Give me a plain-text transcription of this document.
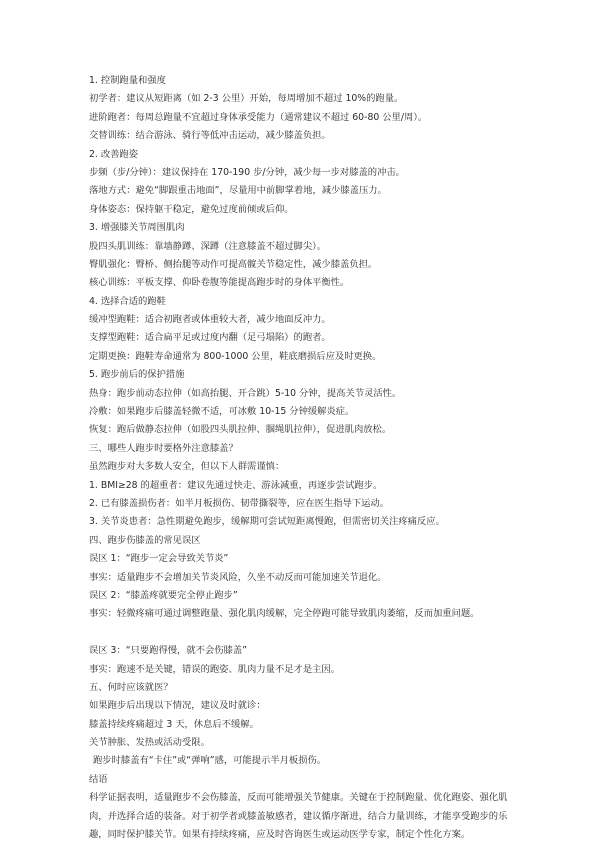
1. 控制跑量和强度
初学者：建议从短距离（如 2-3 公里）开始，每周增加不超过 10%的跑量。
进阶跑者：每周总跑量不宜超过身体承受能力（通常建议不超过 60-80 公里/周）。
交替训练：结合游泳、骑行等低冲击运动，减少膝盖负担。
2. 改善跑姿
步频（步/分钟）：建议保持在 170-190 步/分钟，减少每一步对膝盖的冲击。
落地方式：避免“脚跟重击地面”，尽量用中前脚掌着地，减少膝盖压力。
身体姿态：保持躯干稳定，避免过度前倾或后仰。
3. 增强膝关节周围肌肉
股四头肌训练：靠墙静蹲、深蹲（注意膝盖不超过脚尖）。
臀肌强化：臀桥、侧抬腿等动作可提高髋关节稳定性，减少膝盖负担。
核心训练：平板支撑、仰卧卷腹等能提高跑步时的身体平衡性。
4. 选择合适的跑鞋
缓冲型跑鞋：适合初跑者或体重较大者，减少地面反冲力。
支撑型跑鞋：适合扁平足或过度内翻（足弓塌陷）的跑者。
定期更换：跑鞋寿命通常为 800-1000 公里，鞋底磨损后应及时更换。
5. 跑步前后的保护措施
热身：跑步前动态拉伸（如高抬腿、开合跳）5-10 分钟，提高关节灵活性。
冷敷：如果跑步后膝盖轻微不适，可冰敷 10-15 分钟缓解炎症。
恢复：跑后做静态拉伸（如股四头肌拉伸、腘绳肌拉伸），促进肌肉放松。
三、哪些人跑步时要格外注意膝盖？
虽然跑步对大多数人安全，但以下人群需谨慎：
1. BMI≥28 的超重者：建议先通过快走、游泳减重，再逐步尝试跑步。
2. 已有膝盖损伤者：如半月板损伤、韧带撕裂等，应在医生指导下运动。
3. 关节炎患者：急性期避免跑步，缓解期可尝试短距离慢跑，但需密切关注疼痛反应。
四、跑步伤膝盖的常见误区
误区 1：“跑步一定会导致关节炎”
事实：适量跑步不会增加关节炎风险，久坐不动反而可能加速关节退化。
误区 2：“膝盖疼就要完全停止跑步”
事实：轻微疼痛可通过调整跑量、强化肌肉缓解，完全停跑可能导致肌肉萎缩，反而加重问题。
误区 3：“只要跑得慢，就不会伤膝盖”
事实：跑速不是关键，错误的跑姿、肌肉力量不足才是主因。
五、何时应该就医？
如果跑步后出现以下情况，建议及时就诊：
膝盖持续疼痛超过 3 天，休息后不缓解。
关节肿胀、发热或活动受限。
跑步时膝盖有“卡住”或“弹响”感，可能提示半月板损伤。
结语
科学证据表明，适量跑步不会伤膝盖，反而可能增强关节健康。关键在于控制跑量、优化跑姿、强化肌肉，并选择合适的装备。对于初学者或膝盖敏感者，建议循序渐进，结合力量训练，才能享受跑步的乐趣，同时保护膝关节。如果有持续疼痛，应及时咨询医生或运动医学专家，制定个性化方案。
